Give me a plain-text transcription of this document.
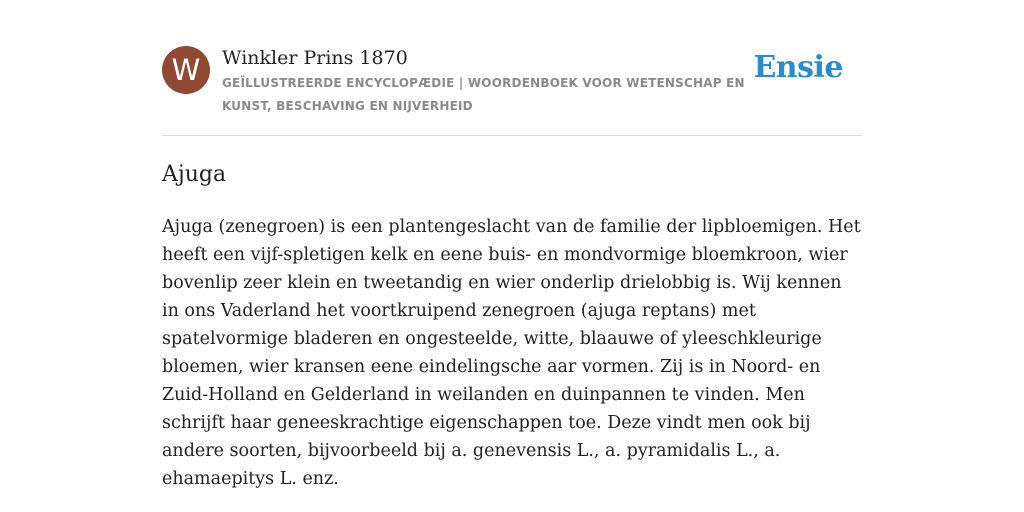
W	Winkler Prins 1870
GEÏLLUSTREERDE ENCYCLOPÆDIE | WOORDENBOEK VOOR WETENSCHAP EN KUNST, BESCHAVING EN NIJVERHEID
Ensie
Ajuga
Ajuga (zenegroen) is een plantengeslacht van de familie der lipbloemigen. Het heeft een vijf-spletigen kelk en eene buis- en mondvormige bloemkroon, wier bovenlip zeer klein en tweetandig en wier onderlip drielobbig is. Wij kennen in ons Vaderland het voortkruipend zenegroen (ajuga reptans) met spatelvormige bladeren en ongesteelde, witte, blaauwe of yleeschkleurige bloemen, wier kransen eene eindelingsche aar vormen. Zij is in Noord- en Zuid-Holland en Gelderland in weilanden en duinpannen te vinden. Men schrijft haar geneeskrachtige eigenschappen toe. Deze vindt men ook bij andere soorten, bijvoorbeeld bij a. genevensis L., a. pyramidalis L., a. ehamaepitys L. enz.
